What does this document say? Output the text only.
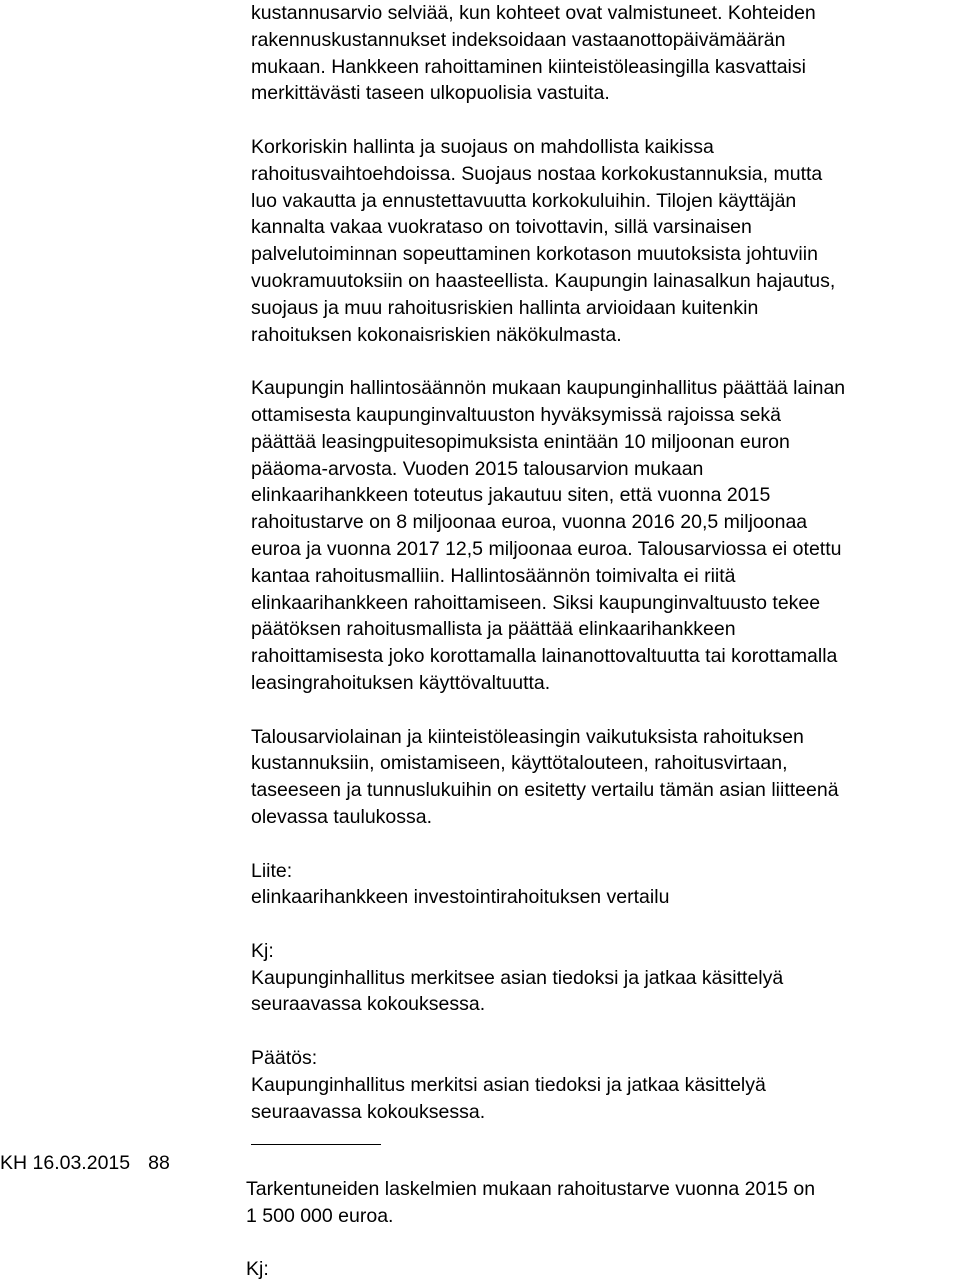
kustannusarvio selviää, kun kohteet ovat valmistuneet. Kohteiden
rakennuskustannukset indeksoidaan vastaanottopäivämäärän
mukaan. Hankkeen rahoittaminen kiinteistöleasingilla kasvattaisi
merkittävästi taseen ulkopuolisia vastuita.

Korkoriskin hallinta ja suojaus on mahdollista kaikissa
rahoitusvaihtoehdoissa. Suojaus nostaa korkokustannuksia, mutta
luo vakautta ja ennustettavuutta korkokuluihin. Tilojen käyttäjän
kannalta vakaa vuokrataso on toivottavin, sillä varsinaisen
palvelutoiminnan sopeuttaminen korkotason muutoksista johtuviin
vuokramuutoksiin on haasteellista. Kaupungin lainasalkun hajautus,
suojaus ja muu rahoitusriskien hallinta arvioidaan kuitenkin
rahoituksen kokonaisriskien näkökulmasta.

Kaupungin hallintosäännön mukaan kaupunginhallitus päättää lainan
ottamisesta kaupunginvaltuuston hyväksymissä rajoissa sekä
päättää leasingpuitesopimuksista enintään 10 miljoonan euron
pääoma-arvosta. Vuoden 2015 talousarvion mukaan
elinkaarihankkeen toteutus jakautuu siten, että vuonna 2015
rahoitustarve on 8 miljoonaa euroa, vuonna 2016 20,5 miljoonaa
euroa ja vuonna 2017 12,5 miljoonaa euroa. Talousarviossa ei otettu
kantaa rahoitusmalliin. Hallintosäännön toimivalta ei riitä
elinkaarihankkeen rahoittamiseen. Siksi kaupunginvaltuusto tekee
päätöksen rahoitusmallista ja päättää elinkaarihankkeen
rahoittamisesta joko korottamalla lainanottovaltuutta tai korottamalla
leasingrahoituksen käyttövaltuutta.

Talousarviolainan ja kiinteistöleasingin vaikutuksista rahoituksen
kustannuksiin, omistamiseen, käyttötalouteen, rahoitusvirtaan,
taseeseen ja tunnuslukuihin on esitetty vertailu tämän asian liitteenä
olevassa taulukossa.

Liite:
elinkaarihankkeen investointirahoituksen vertailu
Kj:
Kaupunginhallitus merkitsee asian tiedoksi ja jatkaa käsittelyä
seuraavassa kokouksessa.
Päätös:
Kaupunginhallitus merkitsi asian tiedoksi ja jatkaa käsittelyä
seuraavassa kokouksessa.
KH 16.03.2015 88

Tarkentuneiden laskelmien mukaan rahoitustarve vuonna 2015 on
1 500 000 euroa.

Kj:
